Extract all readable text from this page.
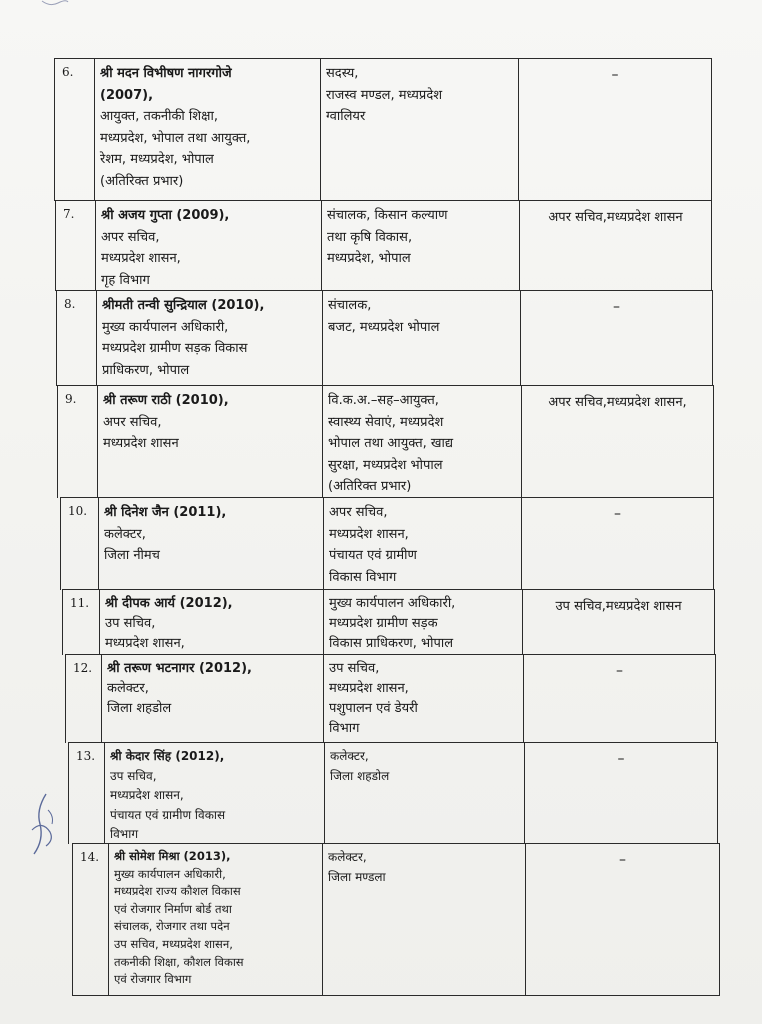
6. श्री मदन विभीषण नागरगोजे
(2007),
आयुक्त, तकनीकी शिक्षा,
मध्यप्रदेश, भोपाल तथा आयुक्त,
रेशम, मध्यप्रदेश, भोपाल
(अतिरिक्त प्रभार)
सदस्य,
राजस्व मण्डल, मध्यप्रदेश
ग्वालियर
–
7. श्री अजय गुप्ता (2009),
अपर सचिव,
मध्यप्रदेश शासन,
गृह विभाग
संचालक, किसान कल्याण
तथा कृषि विकास,
मध्यप्रदेश, भोपाल
अपर सचिव,मध्यप्रदेश शासन
8. श्रीमती तन्वी सुन्द्रियाल (2010),
मुख्य कार्यपालन अधिकारी,
मध्यप्रदेश ग्रामीण सड़क विकास
प्राधिकरण, भोपाल
संचालक,
बजट, मध्यप्रदेश भोपाल
–
9. श्री तरूण राठी (2010),
अपर सचिव,
मध्यप्रदेश शासन
वि.क.अ.–सह–आयुक्त,
स्वास्थ्य सेवाएं, मध्यप्रदेश
भोपाल तथा आयुक्त, खाद्य
सुरक्षा, मध्यप्रदेश भोपाल
(अतिरिक्त प्रभार)
अपर सचिव,मध्यप्रदेश शासन,
10. श्री दिनेश जैन (2011),
कलेक्टर,
जिला नीमच
अपर सचिव,
मध्यप्रदेश शासन,
पंचायत एवं ग्रामीण
विकास विभाग
–
11. श्री दीपक आर्य (2012),
उप सचिव,
मध्यप्रदेश शासन,
मुख्य कार्यपालन अधिकारी,
मध्यप्रदेश ग्रामीण सड़क
विकास प्राधिकरण, भोपाल
उप सचिव,मध्यप्रदेश शासन
12. श्री तरूण भटनागर (2012),
कलेक्टर,
जिला शहडोल
उप सचिव,
मध्यप्रदेश शासन,
पशुपालन एवं डेयरी
विभाग
–
13. श्री केदार सिंह (2012),
उप सचिव,
मध्यप्रदेश शासन,
पंचायत एवं ग्रामीण विकास
विभाग
कलेक्टर,
जिला शहडोल
–
14. श्री सोमेश मिश्रा (2013),
मुख्य कार्यपालन अधिकारी,
मध्यप्रदेश राज्य कौशल विकास
एवं रोजगार निर्माण बोर्ड तथा
संचालक, रोजगार तथा पदेन
उप सचिव, मध्यप्रदेश शासन,
तकनीकी शिक्षा, कौशल विकास
एवं रोजगार विभाग
कलेक्टर,
जिला मण्डला
–
